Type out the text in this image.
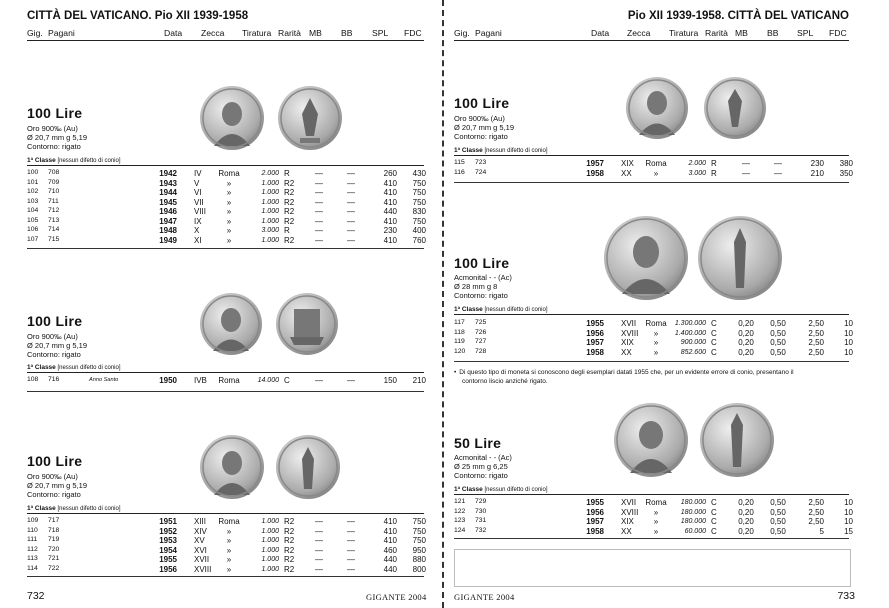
CITTÀ DEL VATICANO. Pio XII 1939-1958
Gig. Pagani	Data Zecca Tiratura Rarità MB BB SPL FDC
100 Lire
Oro 900‰ (Au)
Ø 20,7 mm g 5,19
Contorno: rigato
1ª Classe [nessun difetto di conio]
100 708	1942 IV	Roma	2.000 R	—	—	260	430
101 709	1943 V	»	1.000 R2	—	—	410	750
102 710	1944 VI	»	1.000 R2	—	—	410	750
103 711	1945 VII	»	1.000 R2	—	—	410	750
104 712	1946 VIII	»	1.000 R2	—	—	440	830
105 713	1947 IX	»	1.000 R2	—	—	410	750
106 714	1948 X	»	3.000 R	—	—	230	400
107 715	1949 XI	»	1.000 R2	—	—	410	760
100 Lire
Oro 900‰ (Au)
Ø 20,7 mm g 5,19
Contorno: rigato
1ª Classe [nessun difetto di conio]
108 716	Anno Santo	1950 IVB	Roma	14.000 C	—	—	150	210
100 Lire
Oro 900‰ (Au)
Ø 20,7 mm g 5,19
Contorno: rigato
1ª Classe [nessun difetto di conio]
109 717	1951 XIII	Roma	1.000 R2	—	—	410	750
110 718	1952 XIV	»	1.000 R2	—	—	410	750
111 719	1953 XV	»	1.000 R2	—	—	410	750
112 720	1954 XVI	»	1.000 R2	—	—	460	950
113 721	1955 XVII	»	1.000 R2	—	—	440	880
114 722	1956 XVIII	»	1.000 R2	—	—	440	800
732	GIGANTE 2004
Pio XII 1939-1958. CITTÀ DEL VATICANO
Gig. Pagani	Data Zecca Tiratura Rarità MB BB SPL FDC
100 Lire
Oro 900‰ (Au)
Ø 20,7 mm g 5,19
Contorno: rigato
1ª Classe [nessun difetto di conio]
115 723	1957 XIX	Roma	2.000 R	—	—	230	380
116 724	1958 XX	»	3.000 R	—	—	210	350
100 Lire
Acmonital - - (Ac)
Ø 28 mm g 8
Contorno: rigato
1ª Classe [nessun difetto di conio]
117 725	1955 XVII	Roma	1.300.000 C	0,20 0,50	2,50	10
118 726	1956 XVIII	»	1.400.000 C	0,20 0,50	2,50	10
119 727	1957 XIX	»	900.000 C	0,20 0,50	2,50	10
120 728	1958 XX	»	852.600 C	0,20 0,50	2,50	10
• Di questo tipo di moneta si conoscono degli esemplari datati 1955 che, per un evidente errore di conio, presentano il
contorno liscio anziché rigato.
50 Lire
Acmonital - - (Ac)
Ø 25 mm g 6,25
Contorno: rigato
1ª Classe [nessun difetto di conio]
121 729	1955 XVII	Roma	180.000 C	0,20 0,50	2,50	10
122 730	1956 XVIII	»	180.000 C	0,20 0,50	2,50	10
123 731	1957 XIX	»	180.000 C	0,20 0,50	2,50	10
124 732	1958 XX	»	60.000 C	0,20 0,50	5	15
GIGANTE 2004	733
